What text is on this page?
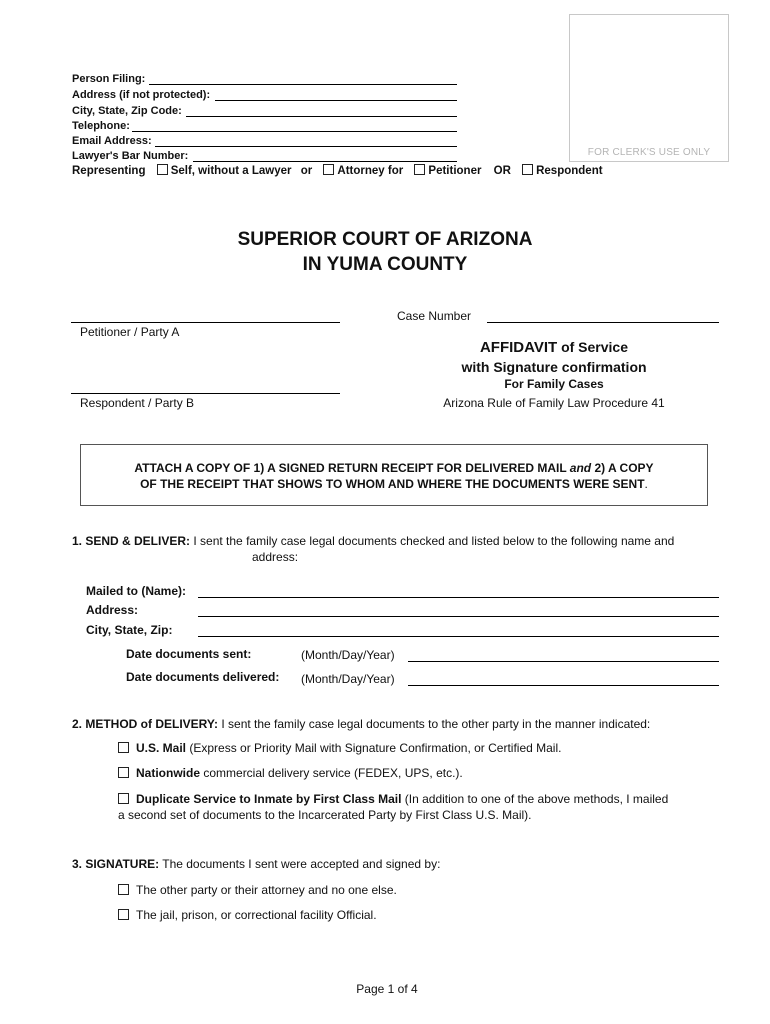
FOR CLERK'S USE ONLY
Person Filing:
Address (if not protected):
City, State, Zip Code:
Telephone:
Email Address:
Lawyer's Bar Number:
Representing Self, without a Lawyer or Attorney for Petitioner OR Respondent
SUPERIOR COURT OF ARIZONA
IN YUMA COUNTY
Petitioner / Party A
Case Number
Respondent / Party B
AFFIDAVIT of Service
with Signature confirmation
For Family Cases
Arizona Rule of Family Law Procedure 41
ATTACH A COPY OF 1) A SIGNED RETURN RECEIPT FOR DELIVERED MAIL and 2) A COPY
OF THE RECEIPT THAT SHOWS TO WHOM AND WHERE THE DOCUMENTS WERE SENT.
1. SEND & DELIVER: I sent the family case legal documents checked and listed below to the following name and
address:
Mailed to (Name):
Address:
City, State, Zip:
Date documents sent:	(Month/Day/Year)
Date documents delivered: (Month/Day/Year)
2. METHOD of DELIVERY: I sent the family case legal documents to the other party in the manner indicated:
U.S. Mail (Express or Priority Mail with Signature Confirmation, or Certified Mail.
Nationwide commercial delivery service (FEDEX, UPS, etc.).
Duplicate Service to Inmate by First Class Mail (In addition to one of the above methods, I mailed
a second set of documents to the Incarcerated Party by First Class U.S. Mail).
3. SIGNATURE: The documents I sent were accepted and signed by:
The other party or their attorney and no one else.
The jail, prison, or correctional facility Official.
Page 1 of 4
